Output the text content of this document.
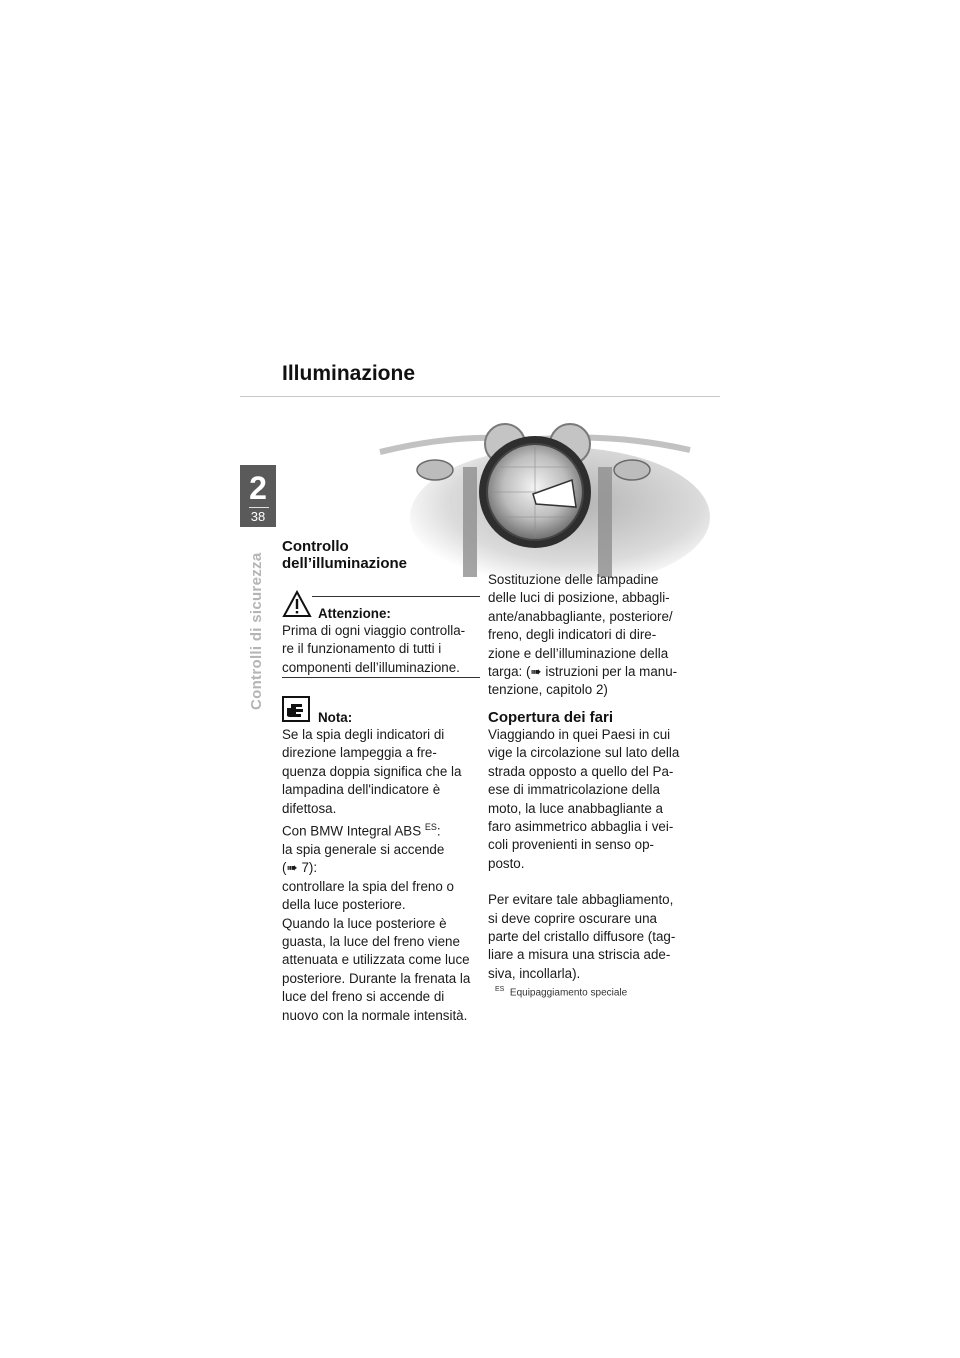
Illuminazione
2
38
Controlli di sicurezza
Controllo
dell’illuminazione
Attenzione:

Prima di ogni viaggio controlla-

re il funzionamento di tutti i

componenti dell’illuminazione.

Nota:

Se la spia degli indicatori di

direzione lampeggia a fre-

quenza doppia significa che la

lampadina dell'indicatore è

difettosa.

Con BMW Integral ABS $^{ES}$:

la spia generale si accende

(➠ 7):

controllare la spia del freno o

della luce posteriore.

Quando la luce posteriore è

guasta, la luce del freno viene

attenuata e utilizzata come luce

posteriore. Durante la frenata la

luce del freno si accende di

nuovo con la normale intensità.

Sostituzione delle lampadine

delle luci di posizione, abbagli-

ante/anabbagliante, posteriore/

freno, degli indicatori di dire-

zione e dell’illuminazione della

targa: (➠ istruzioni per la manu-

tenzione, capitolo 2)

Copertura dei fari

Viaggiando in quei Paesi in cui

vige la circolazione sul lato della

strada opposto a quello del Pa-

ese di immatricolazione della

moto, la luce anabbagliante a

faro asimmetrico abbaglia i vei-

coli provenienti in senso op-

posto.

Per evitare tale abbagliamento,

si deve coprire oscurare una

parte del cristallo diffusore (tag-

liare a misura una striscia ade-

siva, incollarla).

$^{ES}$ Equipaggiamento speciale
